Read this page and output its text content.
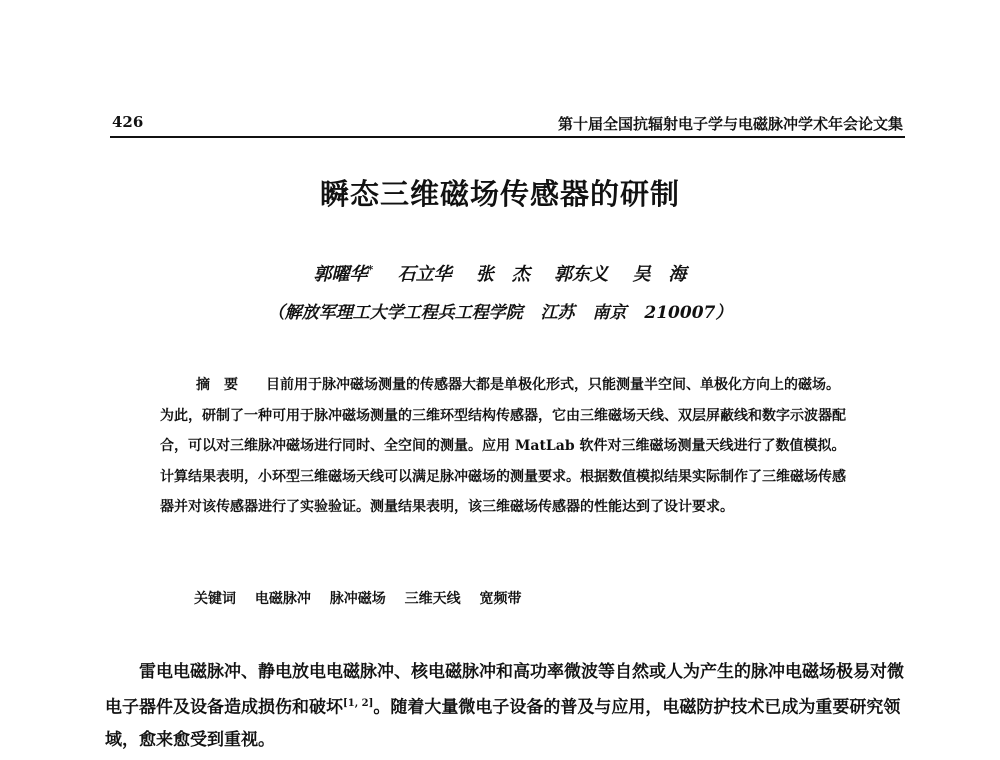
426	第十届全国抗辐射电子学与电磁脉冲学术年会论文集
瞬态三维磁场传感器的研制
郭曜华* 石立华 张　杰 郭东义 吴　海
（解放军理工大学工程兵工程学院 江苏 南京 210007）
摘要 目前用于脉冲磁场测量的传感器大都是单极化形式，只能测量半空间、单极化方向上的磁场。为此，研制了一种可用于脉冲磁场测量的三维环型结构传感器，它由三维磁场天线、双层屏蔽线和数字示波器配合，可以对三维脉冲磁场进行同时、全空间的测量。应用 MatLab 软件对三维磁场测量天线进行了数值模拟。计算结果表明，小环型三维磁场天线可以满足脉冲磁场的测量要求。根据数值模拟结果实际制作了三维磁场传感器并对该传感器进行了实验验证。测量结果表明，该三维磁场传感器的性能达到了设计要求。
关键词 电磁脉冲 脉冲磁场 三维天线 宽频带
雷电电磁脉冲、静电放电电磁脉冲、核电磁脉冲和高功率微波等自然或人为产生的脉冲电磁场极易对微电子器件及设备造成损伤和破坏[1, 2]。随着大量微电子设备的普及与应用，电磁防护技术已成为重要研究领域，愈来愈受到重视。
